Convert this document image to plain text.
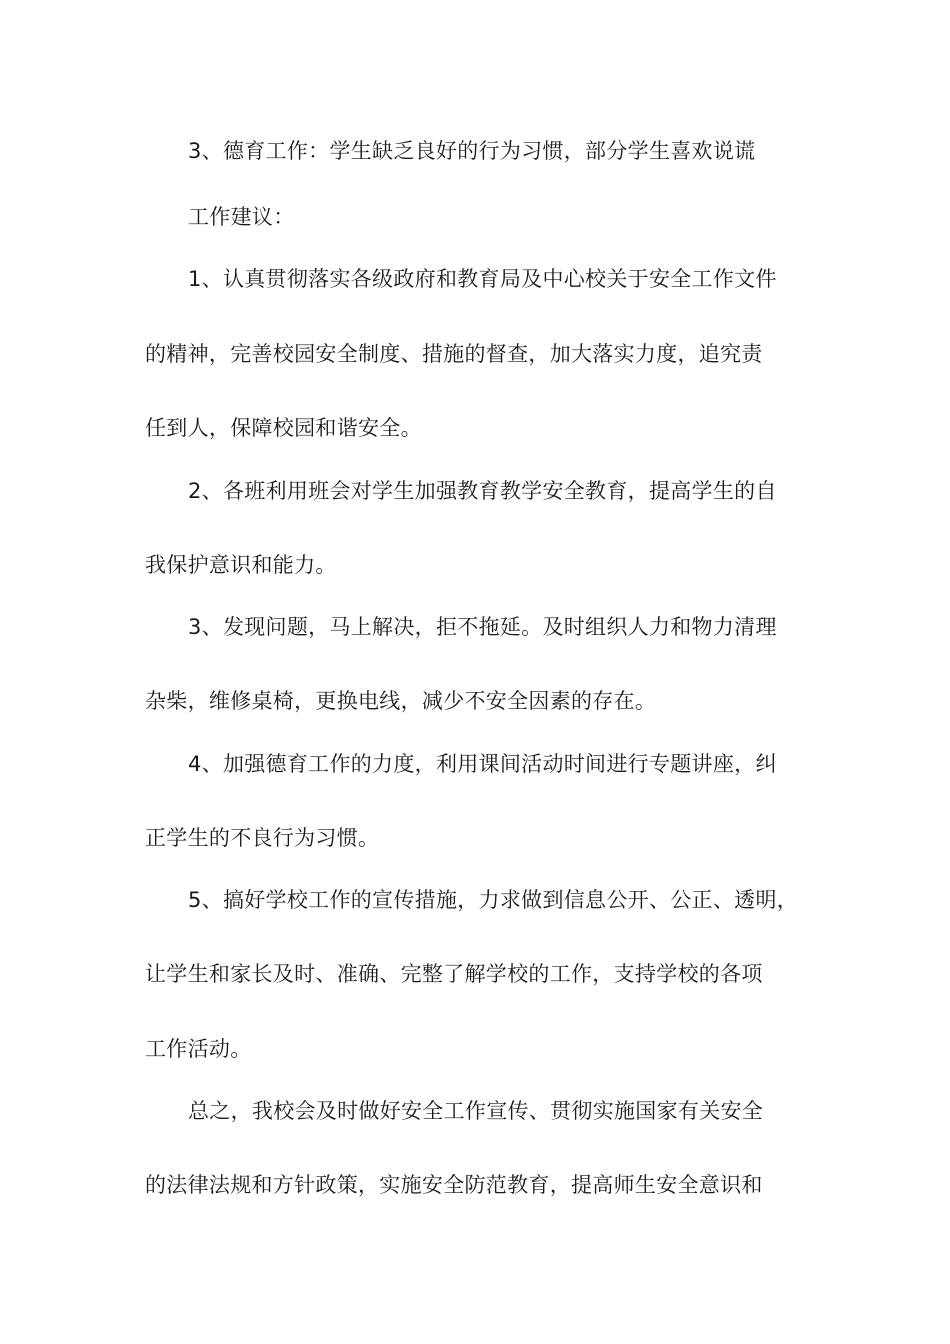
3、德育工作：学生缺乏良好的行为习惯，部分学生喜欢说谎
工作建议：
1、认真贯彻落实各级政府和教育局及中心校关于安全工作文件
的精神，完善校园安全制度、措施的督查，加大落实力度，追究责
任到人，保障校园和谐安全。
2、各班利用班会对学生加强教育教学安全教育，提高学生的自
我保护意识和能力。
3、发现问题，马上解决，拒不拖延。及时组织人力和物力清理
杂柴，维修桌椅，更换电线，减少不安全因素的存在。
4、加强德育工作的力度，利用课间活动时间进行专题讲座，纠
正学生的不良行为习惯。
5、搞好学校工作的宣传措施，力求做到信息公开、公正、透明，
让学生和家长及时、准确、完整了解学校的工作，支持学校的各项
工作活动。
总之，我校会及时做好安全工作宣传、贯彻实施国家有关安全
的法律法规和方针政策，实施安全防范教育，提高师生安全意识和
